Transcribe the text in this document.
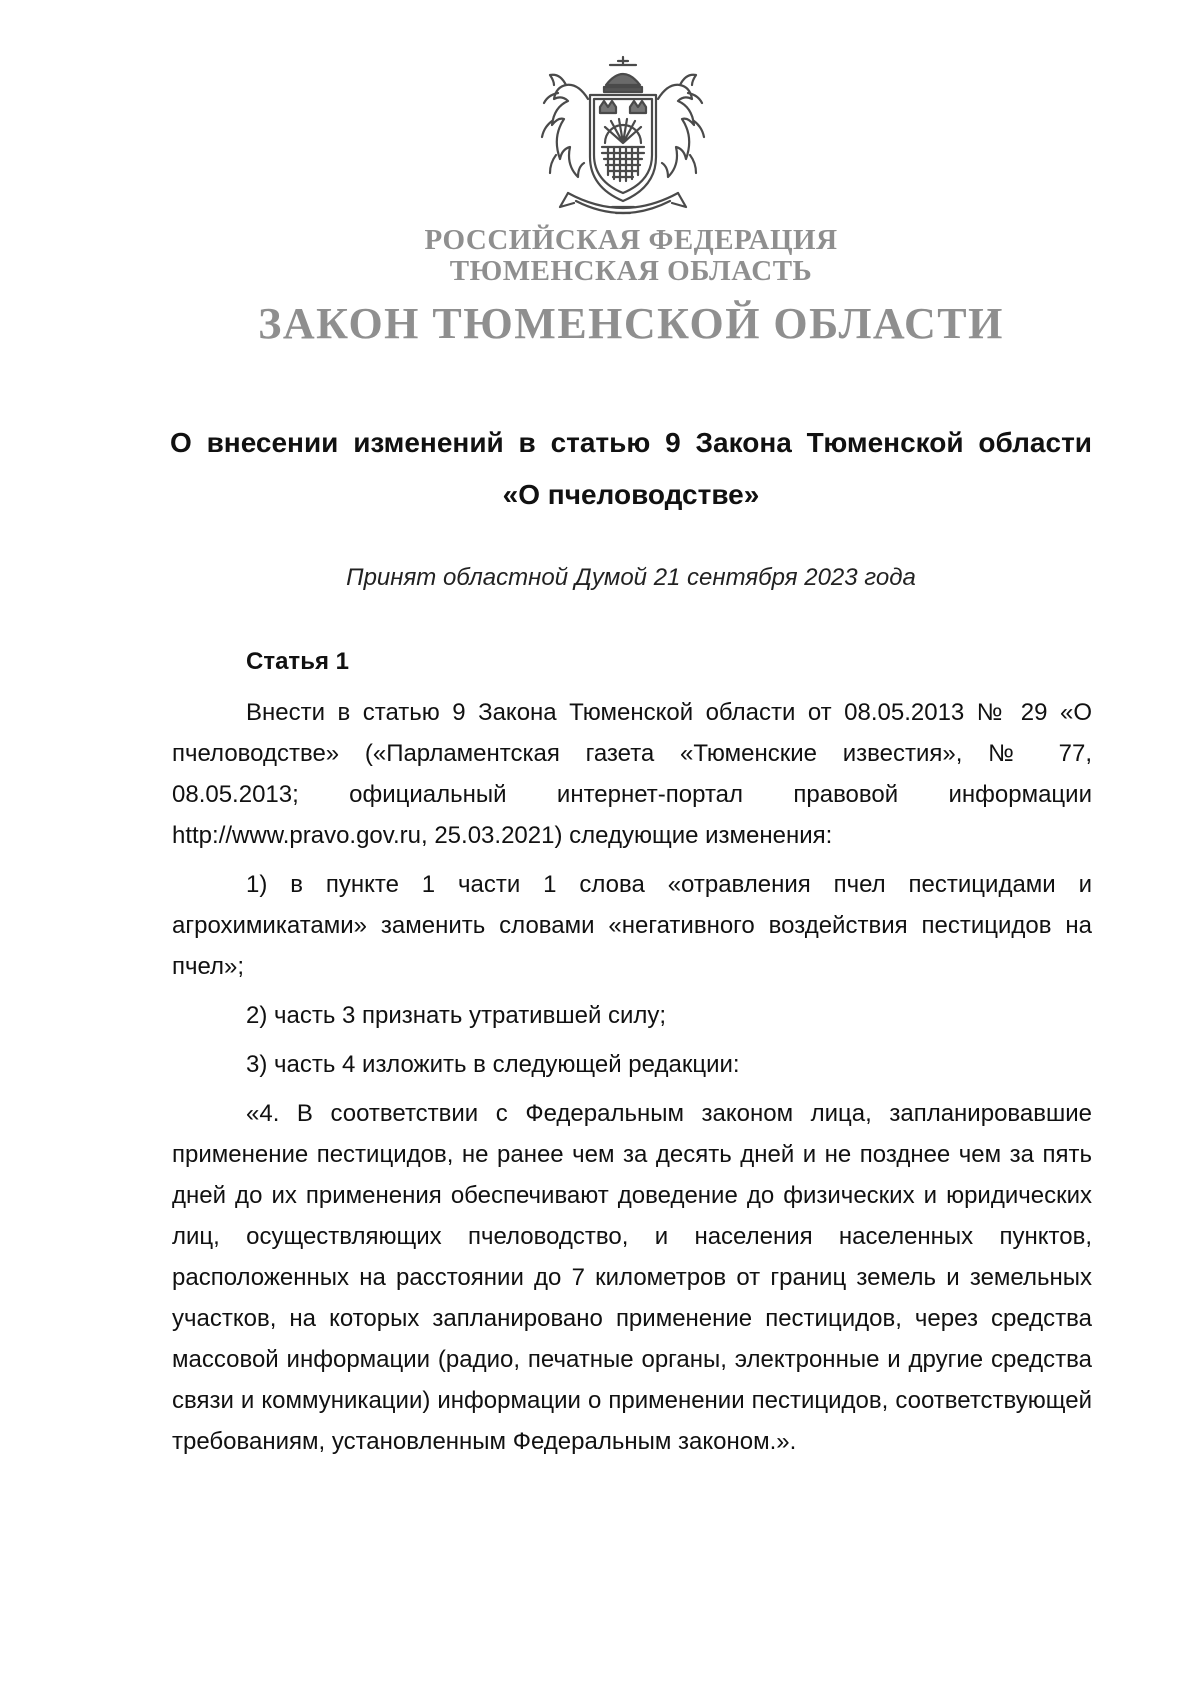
РОССИЙСКАЯ ФЕДЕРАЦИЯ
ТЮМЕНСКАЯ ОБЛАСТЬ
ЗАКОН ТЮМЕНСКОЙ ОБЛАСТИ
О внесении изменений в статью 9 Закона Тюменской области
«О пчеловодстве»
Принят областной Думой 21 сентября 2023 года
Статья 1

Внести в статью 9 Закона Тюменской области от 08.05.2013 № 29 «О пчеловодстве» («Парламентская газета «Тюменские известия», № 77, 08.05.2013; официальный интернет-портал правовой информации http://www.pravo.gov.ru, 25.03.2021) следующие изменения:

1) в пункте 1 части 1 слова «отравления пчел пестицидами и агрохимикатами» заменить словами «негативного воздействия пестицидов на пчел»;

2) часть 3 признать утратившей силу;

3) часть 4 изложить в следующей редакции:

«4. В соответствии с Федеральным законом лица, запланировавшие применение пестицидов, не ранее чем за десять дней и не позднее чем за пять дней до их применения обеспечивают доведение до физических и юридических лиц, осуществляющих пчеловодство, и населения населенных пунктов, расположенных на расстоянии до 7 километров от границ земель и земельных участков, на которых запланировано применение пестицидов, через средства массовой информации (радио, печатные органы, электронные и другие средства связи и коммуникации) информации о применении пестицидов, соответствующей требованиям, установленным Федеральным законом.».
